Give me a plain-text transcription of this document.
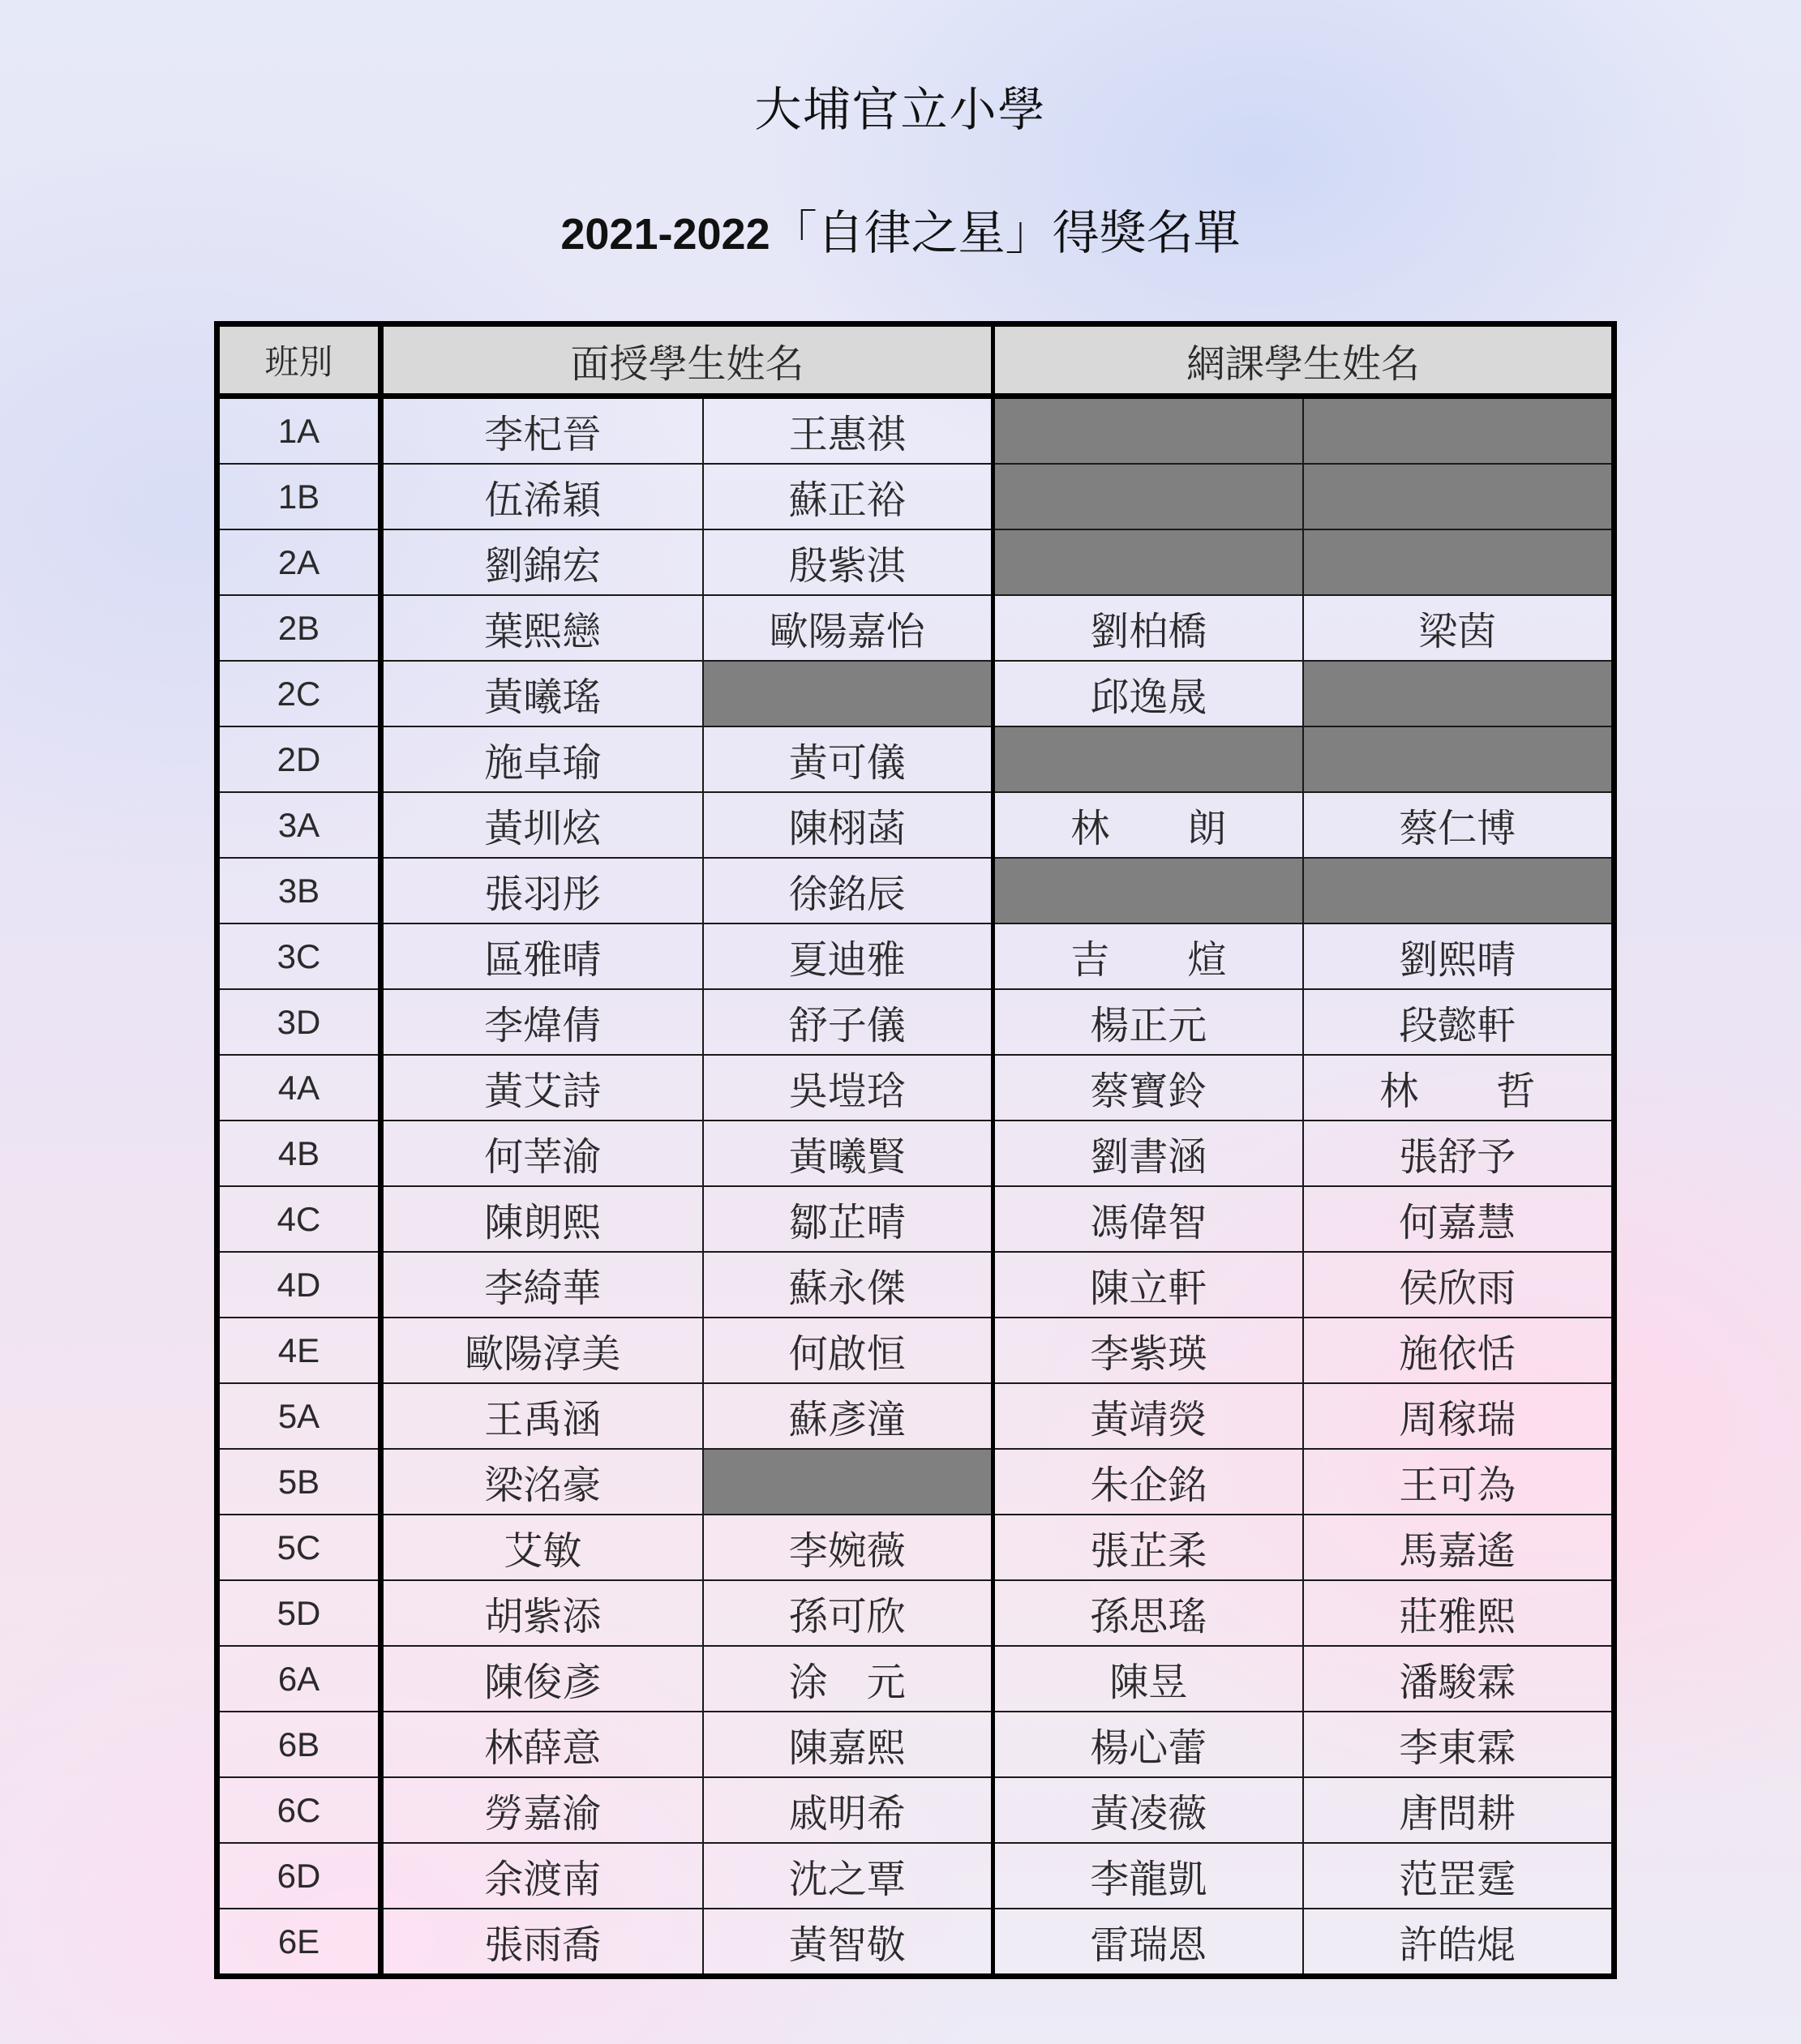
大埔官立小學
2021-2022「自律之星」得獎名單
班別	面授學生姓名		網課學生姓名	
1A	李杞晉	王惠祺		
1B	伍浠穎	蘇正裕		
2A	劉錦宏	殷紫淇		
2B	葉熙戀	歐陽嘉怡	劉柏橋	梁茵
2C	黃曦瑤		邱逸晟	
2D	施卓瑜	黃可儀		
3A	黃圳炫	陳栩菡	林　　朗	蔡仁博
3B	張羽彤	徐銘辰		
3C	區雅晴	夏迪雅	吉　　煊	劉熙晴
3D	李煒倩	舒子儀	楊正元	段懿軒
4A	黃艾詩	吳塏琀	蔡寶鈴	林　　哲
4B	何莘渝	黃曦賢	劉書涵	張舒予
4C	陳朗熙	鄒芷晴	馮偉智	何嘉慧
4D	李綺華	蘇永傑	陳立軒	侯欣雨
4E	歐陽淳美	何啟恒	李紫瑛	施依恬
5A	王禹涵	蘇彥潼	黃靖熒	周稼瑞
5B	梁洺豪		朱企銘	王可為
5C	艾敏	李婉薇	張芷柔	馬嘉遙
5D	胡紫添	孫可欣	孫思瑤	莊雅熙
6A	陳俊彥	涂　元	陳昱	潘駿霖
6B	林薛意	陳嘉熙	楊心蕾	李東霖
6C	勞嘉渝	戚明希	黃凌薇	唐問耕
6D	余渡南	沈之覃	李龍凱	范罡霆
6E	張雨喬	黃智敬	雷瑞恩	許皓焜
